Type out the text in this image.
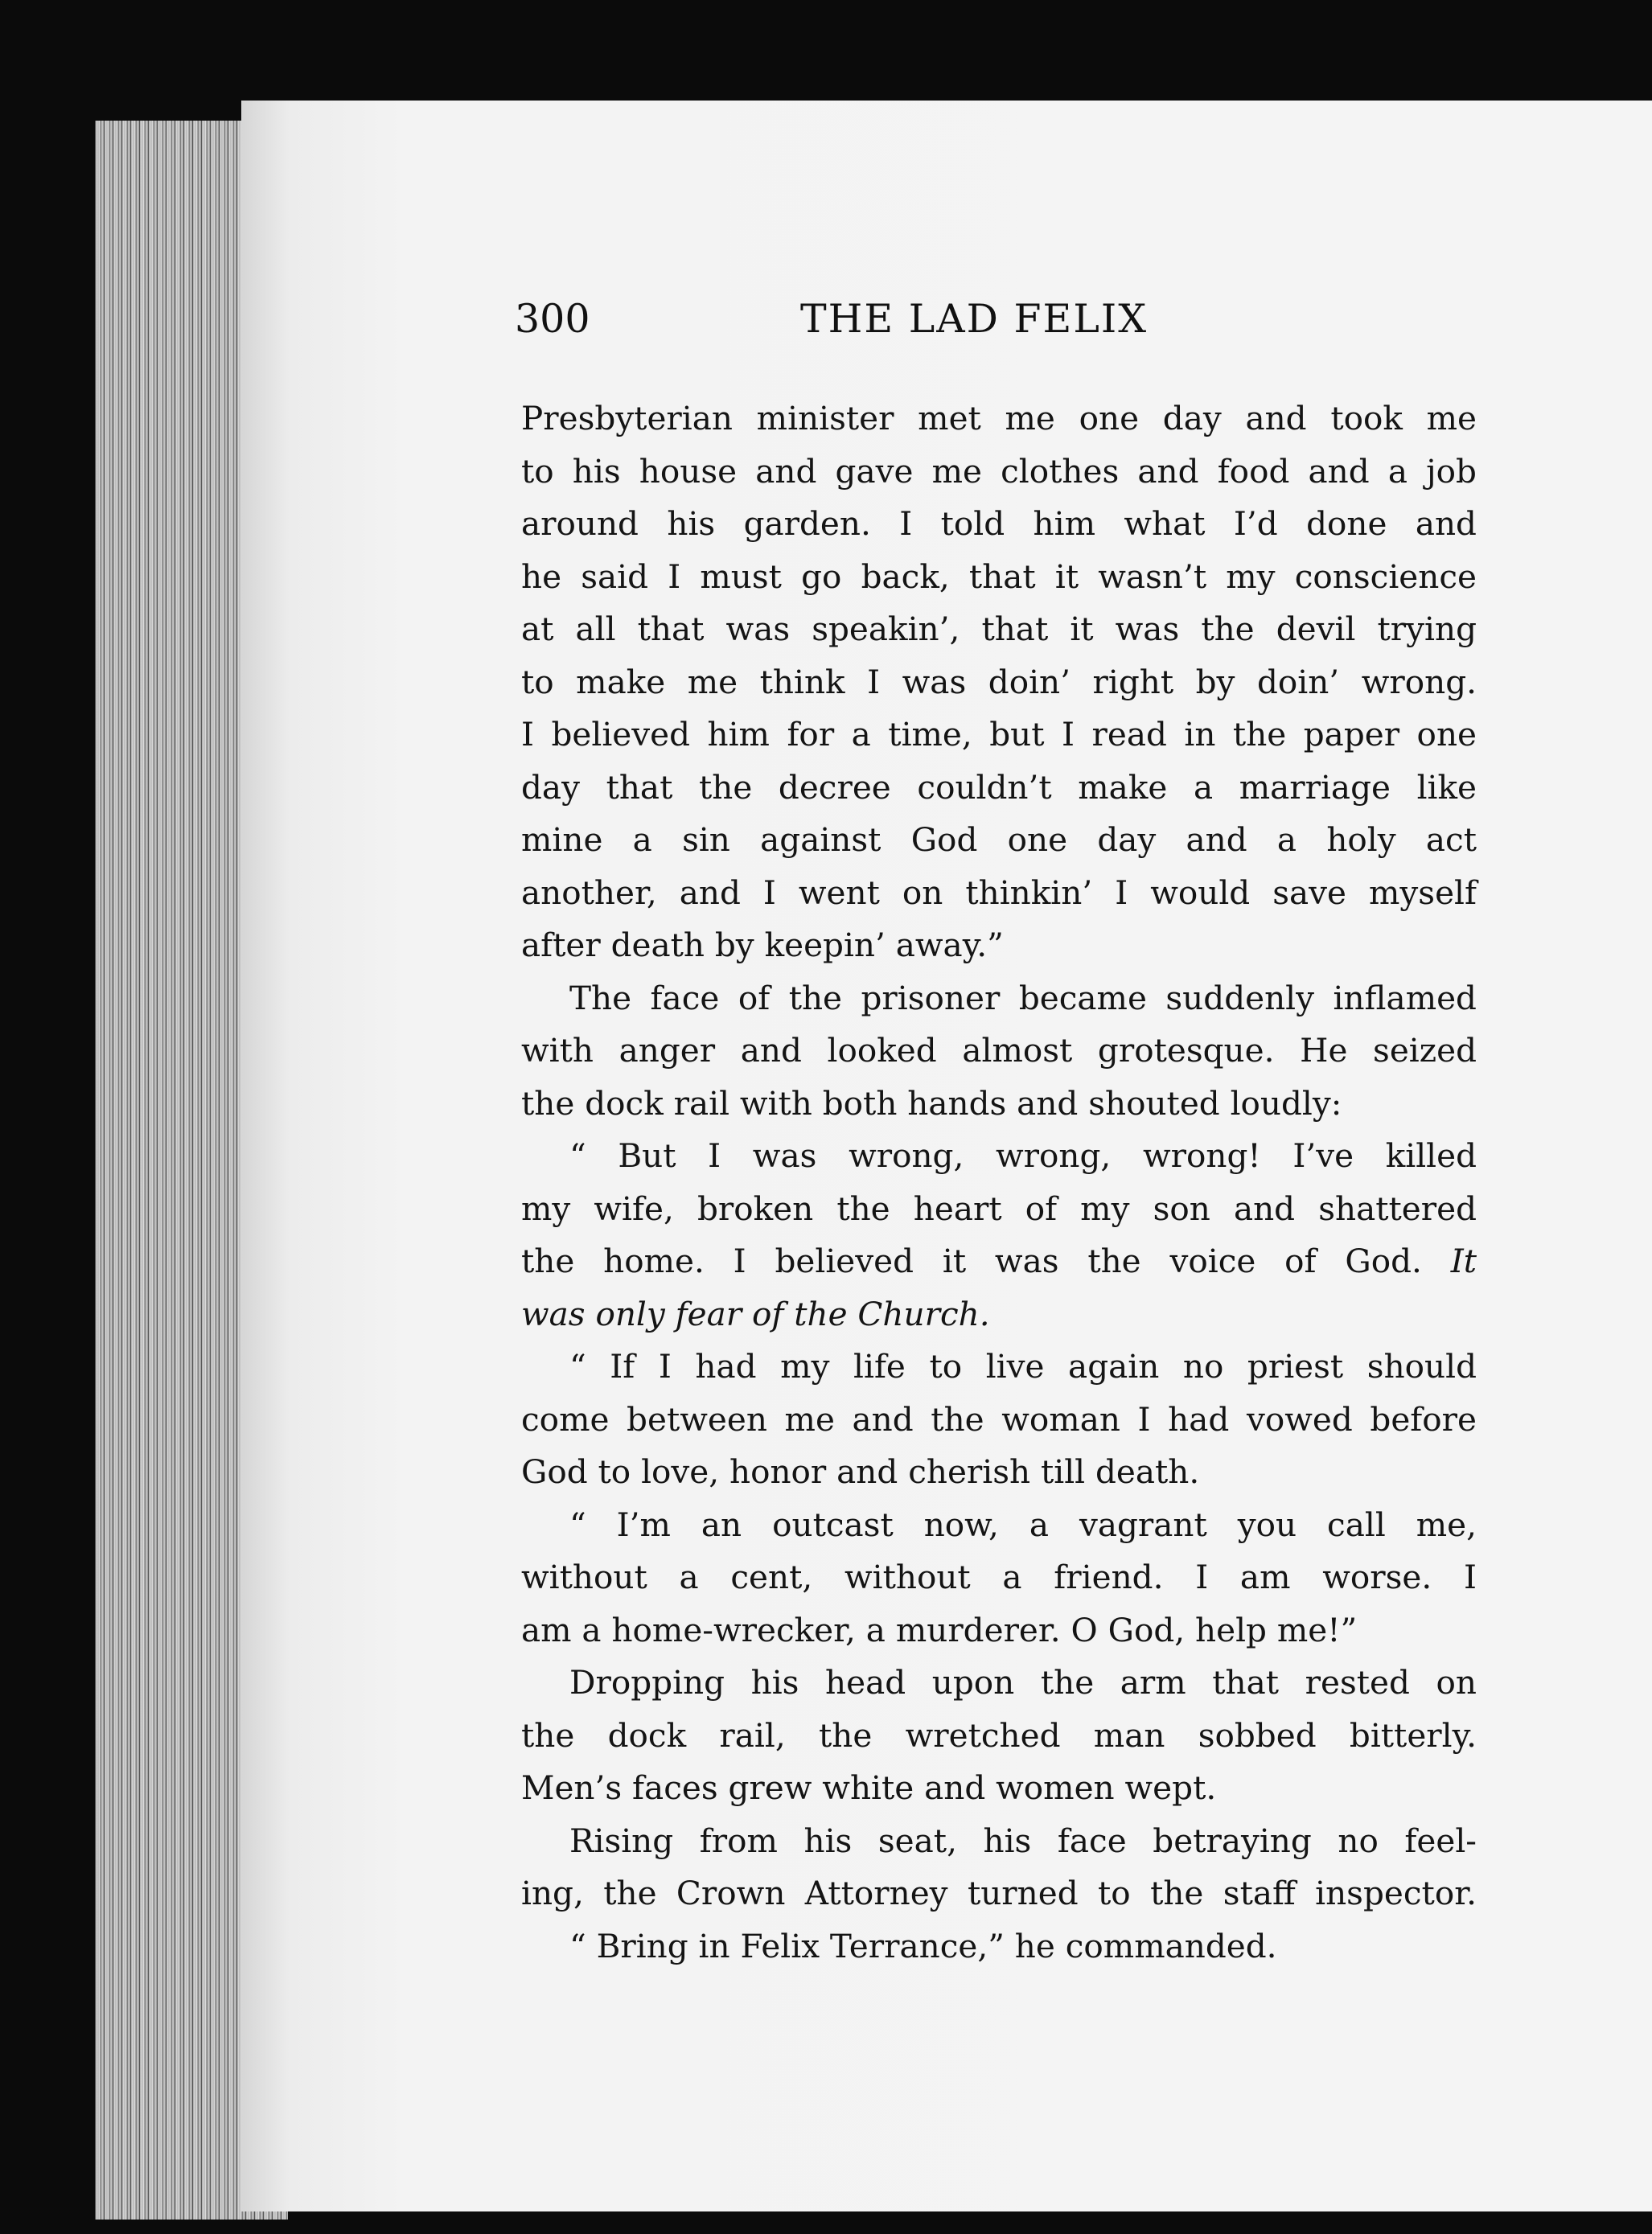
300	THE LAD FELIX
Presbyterian minister met me one day and took me
to his house and gave me clothes and food and a job
around his garden. I told him what I’d done and
he said I must go back, that it wasn’t my conscience
at all that was speakin’, that it was the devil trying
to make me think I was doin’ right by doin’ wrong.
I believed him for a time, but I read in the paper one
day that the decree couldn’t make a marriage like
mine a sin against God one day and a holy act
another, and I went on thinkin’ I would save myself
after death by keepin’ away.”
The face of the prisoner became suddenly inflamed
with anger and looked almost grotesque. He seized
the dock rail with both hands and shouted loudly:
“ But I was wrong, wrong, wrong! I’ve killed
my wife, broken the heart of my son and shattered
the home. I believed it was the voice of God. It
was only fear of the Church.
“ If I had my life to live again no priest should
come between me and the woman I had vowed before
God to love, honor and cherish till death.
“ I’m an outcast now, a vagrant you call me,
without a cent, without a friend. I am worse. I
am a home-wrecker, a murderer. O God, help me!”
Dropping his head upon the arm that rested on
the dock rail, the wretched man sobbed bitterly.
Men’s faces grew white and women wept.
Rising from his seat, his face betraying no feel-
ing, the Crown Attorney turned to the staff inspector.
“ Bring in Felix Terrance,” he commanded.
